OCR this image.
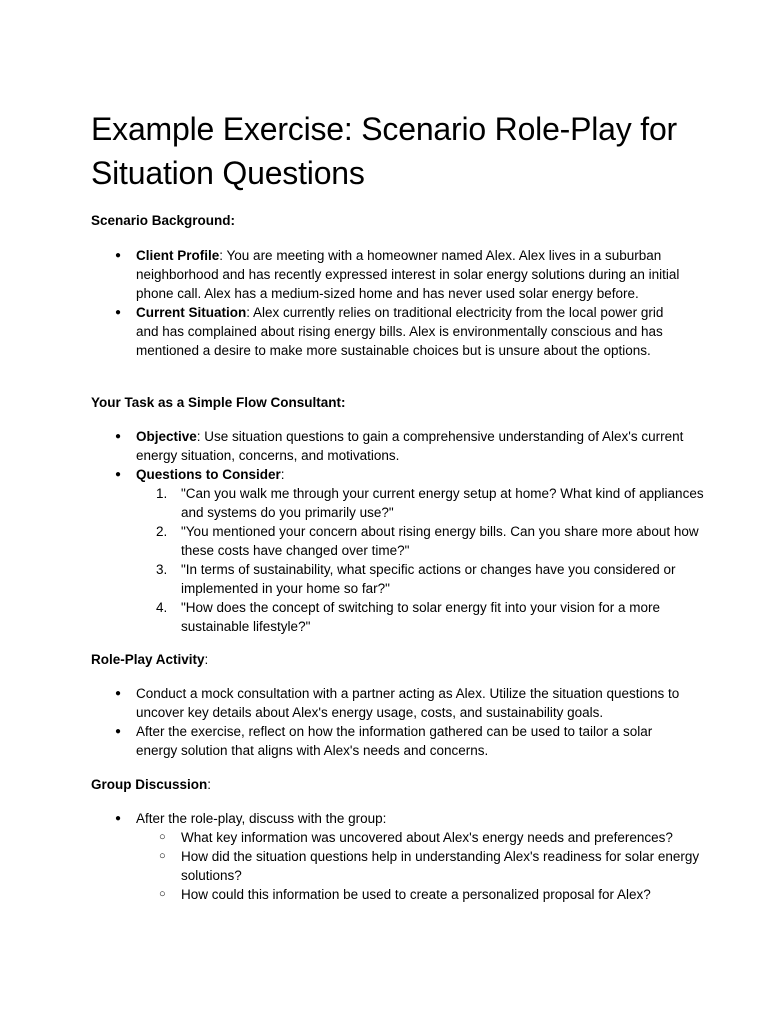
Example Exercise: Scenario Role-Play for Situation Questions

Scenario Background:

● Client Profile: You are meeting with a homeowner named Alex. Alex lives in a suburban neighborhood and has recently expressed interest in solar energy solutions during an initial phone call. Alex has a medium-sized home and has never used solar energy before.
● Current Situation: Alex currently relies on traditional electricity from the local power grid and has complained about rising energy bills. Alex is environmentally conscious and has mentioned a desire to make more sustainable choices but is unsure about the options.

Your Task as a Simple Flow Consultant:

● Objective: Use situation questions to gain a comprehensive understanding of Alex's current energy situation, concerns, and motivations.
● Questions to Consider:
1.	"Can you walk me through your current energy setup at home? What kind of appliances and systems do you primarily use?"
2.	"You mentioned your concern about rising energy bills. Can you share more about how these costs have changed over time?"
3.	"In terms of sustainability, what specific actions or changes have you considered or implemented in your home so far?"
4.	"How does the concept of switching to solar energy fit into your vision for a more sustainable lifestyle?"

Role-Play Activity:

● Conduct a mock consultation with a partner acting as Alex. Utilize the situation questions to uncover key details about Alex's energy usage, costs, and sustainability goals.
● After the exercise, reflect on how the information gathered can be used to tailor a solar energy solution that aligns with Alex's needs and concerns.

Group Discussion:

● After the role-play, discuss with the group:
○ What key information was uncovered about Alex's energy needs and preferences?
○ How did the situation questions help in understanding Alex's readiness for solar energy solutions?
○ How could this information be used to create a personalized proposal for Alex?
